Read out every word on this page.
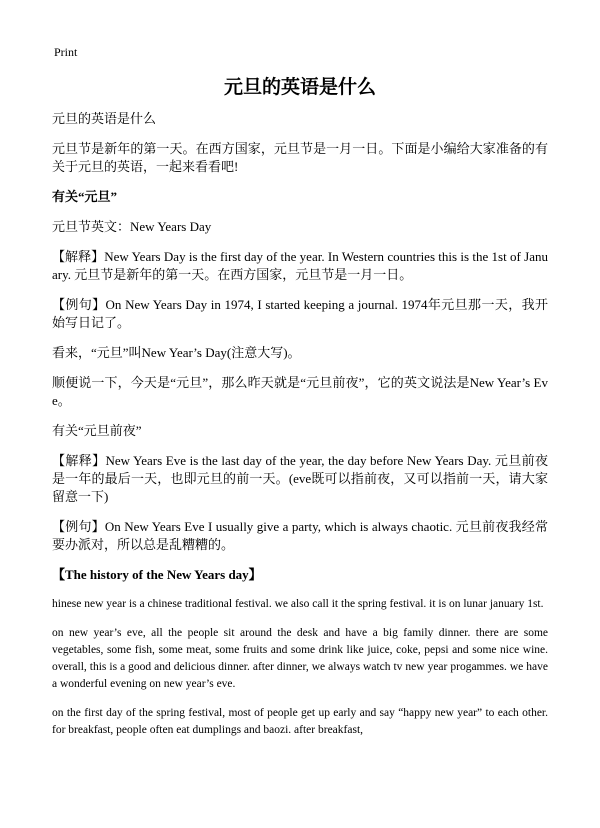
Print
元旦的英语是什么

元旦的英语是什么

元旦节是新年的第一天。在西方国家，元旦节是一月一日。下面是小编给大家准备的有关于元旦的英语，一起来看看吧!

有关“元旦”

元旦节英文：New Years Day

【解释】New Years Day is the first day of the year. In Western countries this is the 1st of January. 元旦节是新年的第一天。在西方国家，元旦节是一月一日。

【例句】On New Years Day in 1974, I started keeping a journal. 1974年元旦那一天，我开始写日记了。

看来，“元旦”叫New Year’s Day(注意大写)。

顺便说一下，今天是“元旦”，那么昨天就是“元旦前夜”，它的英文说法是New Year’s Eve。

有关“元旦前夜”

【解释】New Years Eve is the last day of the year, the day before New Years Day. 元旦前夜是一年的最后一天，也即元旦的前一天。(eve既可以指前夜，又可以指前一天，请大家留意一下)

【例句】On New Years Eve I usually give a party, which is always chaotic. 元旦前夜我经常要办派对，所以总是乱糟糟的。

【The history of the New Years day】

hinese new year is a chinese traditional festival. we also call it the spring festival. it is on lunar january 1st.

on new year’s eve, all the people sit around the desk and have a big family dinner. there are some vegetables, some fish, some meat, some fruits and some drink like juice, coke, pepsi and some nice wine. overall, this is a good and delicious dinner. after dinner, we always watch tv new year progammes. we have a wonderful evening on new year’s eve.

on the first day of the spring festival, most of people get up early and say “happy new year” to each other. for breakfast, people often eat dumplings and baozi. after breakfast,
